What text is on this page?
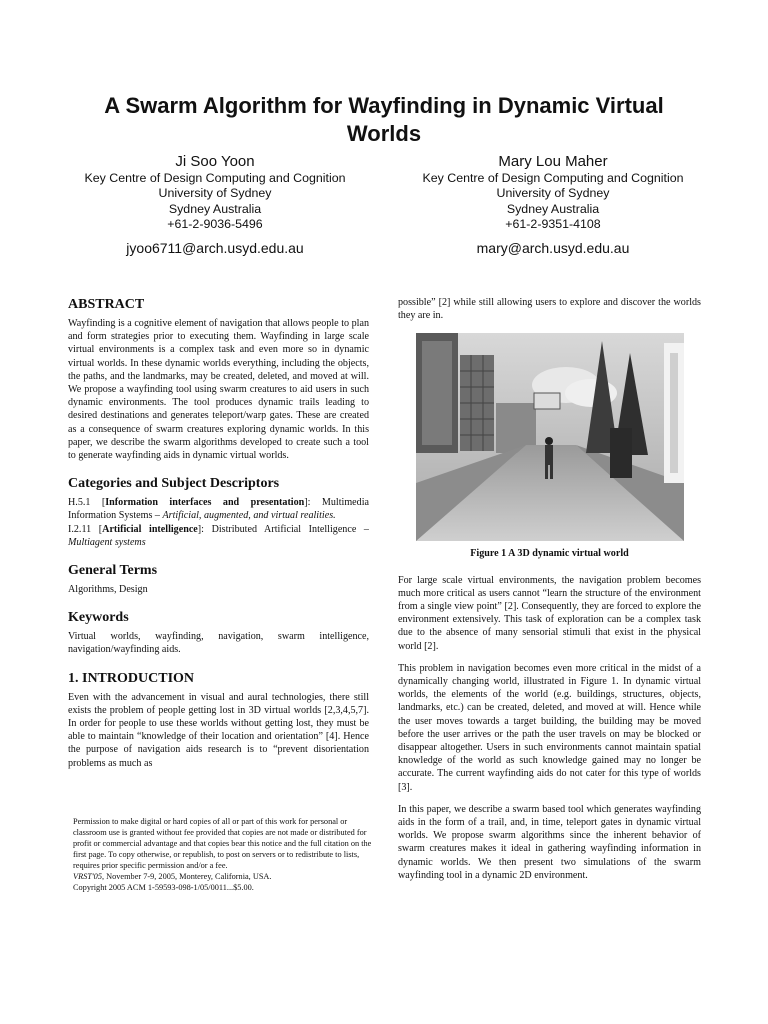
A Swarm Algorithm for Wayfinding in Dynamic Virtual Worlds
Ji Soo Yoon
Key Centre of Design Computing and Cognition
University of Sydney
Sydney Australia
+61-2-9036-5496
jyoo6711@arch.usyd.edu.au
Mary Lou Maher
Key Centre of Design Computing and Cognition
University of Sydney
Sydney Australia
+61-2-9351-4108
mary@arch.usyd.edu.au
ABSTRACT

Wayfinding is a cognitive element of navigation that allows people to plan and form strategies prior to executing them. Wayfinding in large scale virtual environments is a complex task and even more so in dynamic virtual worlds. In these dynamic worlds everything, including the objects, the paths, and the landmarks, may be created, deleted, and moved at will. We propose a wayfinding tool using swarm creatures to aid users in such dynamic environments. The tool produces dynamic trails leading to desired destinations and generates teleport/warp gates. These are created as a consequence of swarm creatures exploring dynamic worlds. In this paper, we describe the swarm algorithms developed to create such a tool to generate wayfinding aids in dynamic virtual worlds.

Categories and Subject Descriptors

H.5.1 [Information interfaces and presentation]: Multimedia Information Systems – Artificial, augmented, and virtual realities.

I.2.11 [Artificial intelligence]: Distributed Artificial Intelligence – Multiagent systems

General Terms

Algorithms, Design

Keywords

Virtual worlds, wayfinding, navigation, swarm intelligence, navigation/wayfinding aids.

1. INTRODUCTION

Even with the advancement in visual and aural technologies, there still exists the problem of people getting lost in 3D virtual worlds [2,3,4,5,7]. In order for people to use these worlds without getting lost, they must be able to maintain “knowledge of their location and orientation” [4]. Hence the purpose of navigation aids research is to “prevent disorientation problems as much as

Permission to make digital or hard copies of all or part of this work for personal or classroom use is granted without fee provided that copies are not made or distributed for profit or commercial advantage and that copies bear this notice and the full citation on the first page. To copy otherwise, or republish, to post on servers or to redistribute to lists, requires prior specific permission and/or a fee.
VRST'05, November 7-9, 2005, Monterey, California, USA.
Copyright 2005 ACM 1-59593-098-1/05/0011...$5.00.

possible” [2] while still allowing users to explore and discover the worlds they are in.

Figure 1 A 3D dynamic virtual world

For large scale virtual environments, the navigation problem becomes much more critical as users cannot “learn the structure of the environment from a single view point” [2]. Consequently, they are forced to explore the environment extensively. This task of exploration can be a complex task due to the absence of many sensorial stimuli that exist in the physical world [2].

This problem in navigation becomes even more critical in the midst of a dynamically changing world, illustrated in Figure 1. In dynamic virtual worlds, the elements of the world (e.g. buildings, structures, objects, landmarks, etc.) can be created, deleted, and moved at will. Hence while the user moves towards a target building, the building may be moved before the user arrives or the path the user travels on may be blocked or disappear altogether. Users in such environments cannot maintain spatial knowledge of the world as such knowledge gained may no longer be accurate. The current wayfinding aids do not cater for this type of worlds [3].

In this paper, we describe a swarm based tool which generates wayfinding aids in the form of a trail, and, in time, teleport gates in dynamic virtual worlds. We propose swarm algorithms since the inherent behavior of swarm creatures makes it ideal in gathering wayfinding information in dynamic worlds. We then present two simulations of the swarm wayfinding tool in a dynamic 2D environment.
